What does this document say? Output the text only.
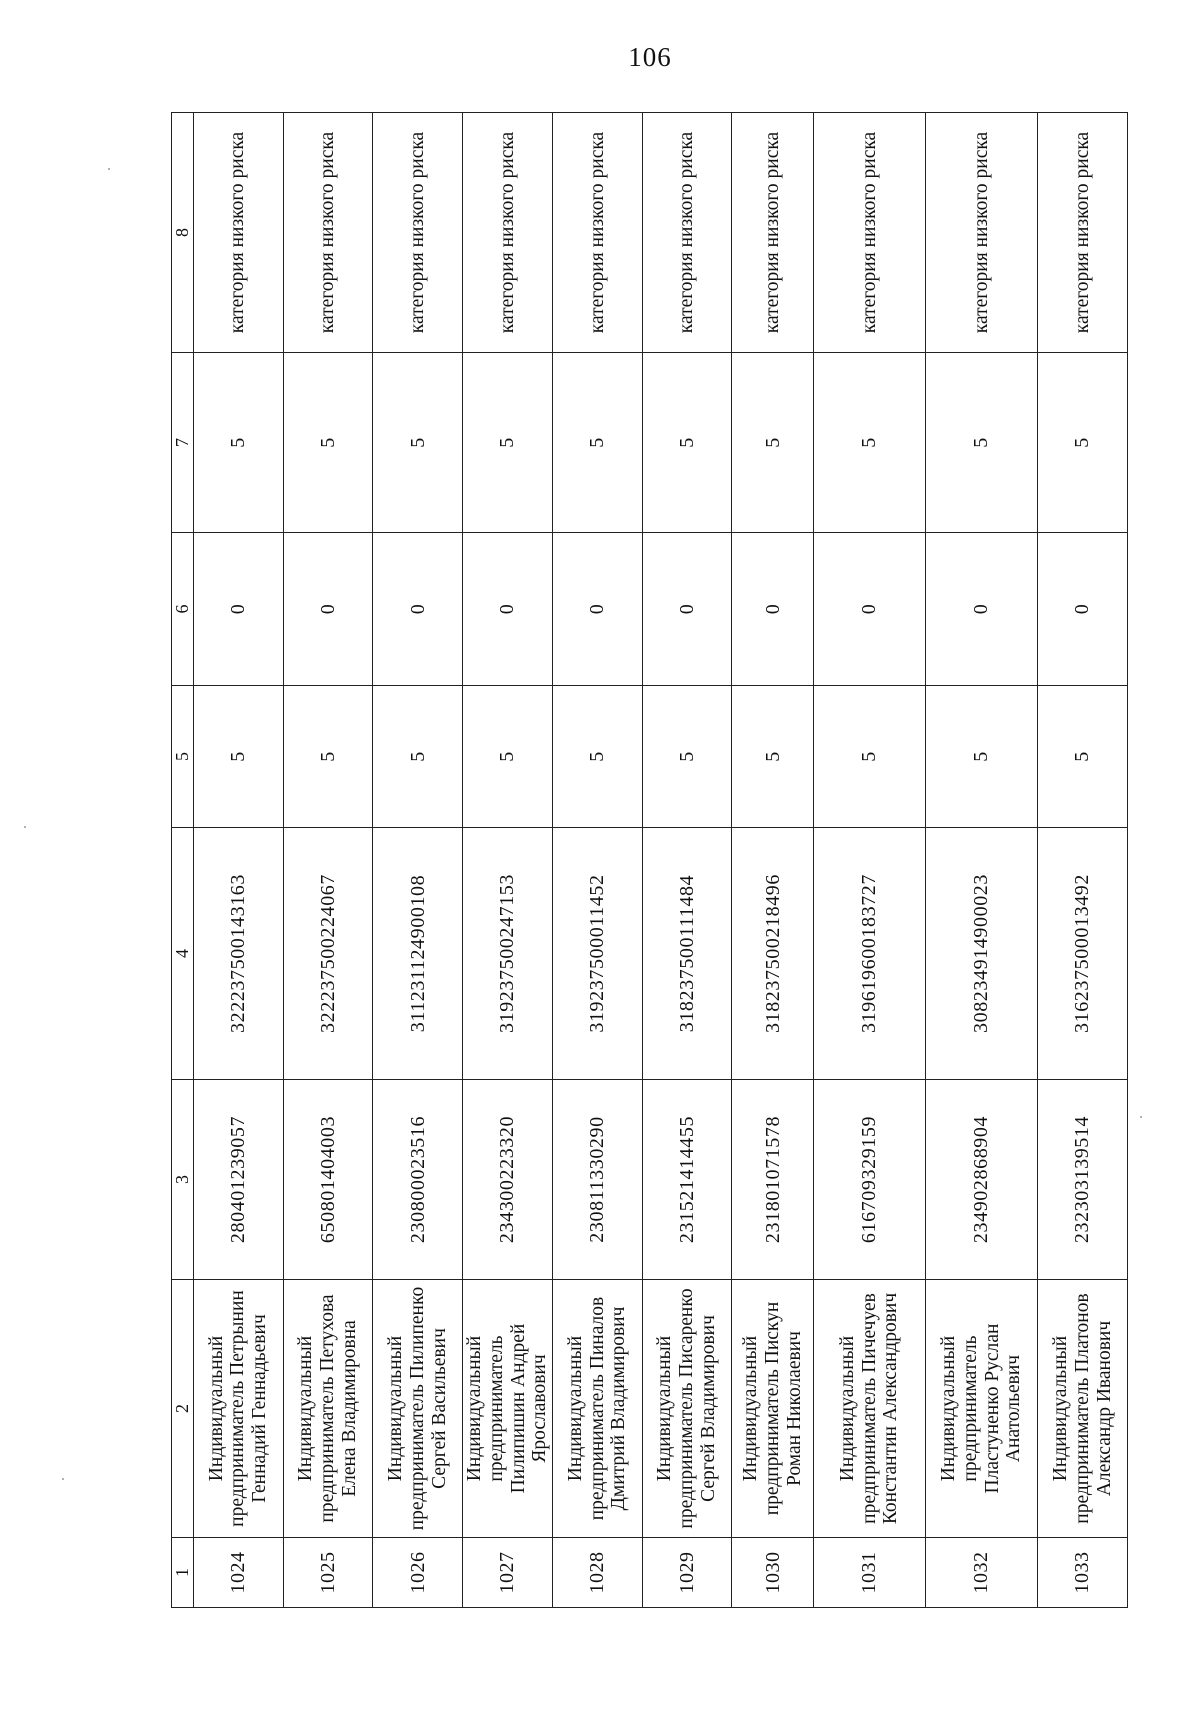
106
1	2	3	4	5	6	7	8
1024	Индивидуальный предприниматель Петрынин Геннадий Геннадьевич	280401239057	322237500143163	5	0	5	категория низкого риска
1025	Индивидуальный предприниматель Петухова Елена Владимировна	650801404003	322237500224067	5	0	5	категория низкого риска
1026	Индивидуальный предприниматель Пилипенко Сергей Васильевич	230800023516	311231124900108	5	0	5	категория низкого риска
1027	Индивидуальный предприниматель Пилипишин Андрей Ярославович	234300223320	319237500247153	5	0	5	категория низкого риска
1028	Индивидуальный предприниматель Пиналов Дмитрий Владимирович	230811330290	319237500011452	5	0	5	категория низкого риска
1029	Индивидуальный предприниматель Писаренко Сергей Владимирович	231521414455	318237500111484	5	0	5	категория низкого риска
1030	Индивидуальный предприниматель Пискун Роман Николаевич	231801071578	318237500218496	5	0	5	категория низкого риска
1031	Индивидуальный предприниматель Пичечуев Константин Александрович	616709329159	319619600183727	5	0	5	категория низкого риска
1032	Индивидуальный предприниматель Пластуненко Руслан Анатольевич	234902868904	308234914900023	5	0	5	категория низкого риска
1033	Индивидуальный предприниматель Платонов Александр Иванович	232303139514	316237500013492	5	0	5	категория низкого риска
